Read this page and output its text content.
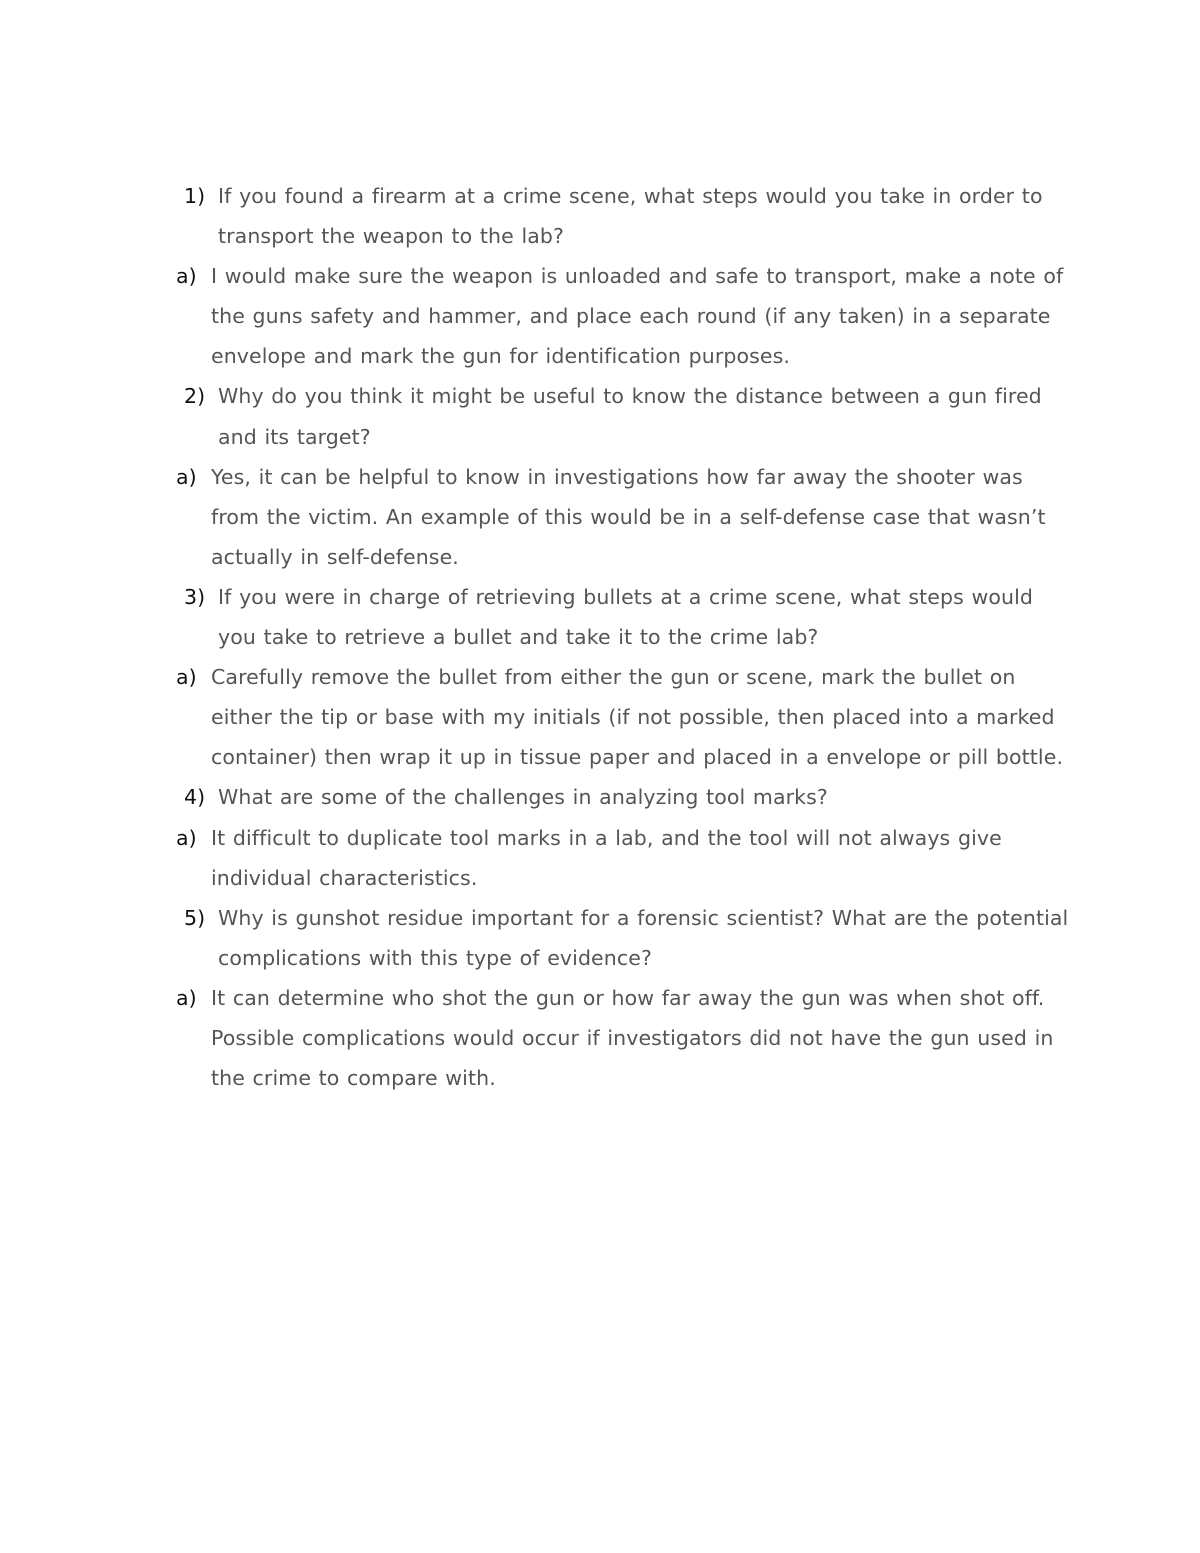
1) If you found a firearm at a crime scene, what steps would you take in order to transport the weapon to the lab?
a) I would make sure the weapon is unloaded and safe to transport, make a note of the guns safety and hammer, and place each round (if any taken) in a separate envelope and mark the gun for identification purposes.
2) Why do you think it might be useful to know the distance between a gun fired and its target?
a) Yes, it can be helpful to know in investigations how far away the shooter was from the victim. An example of this would be in a self-defense case that wasn’t actually in self-defense.
3) If you were in charge of retrieving bullets at a crime scene, what steps would you take to retrieve a bullet and take it to the crime lab?
a) Carefully remove the bullet from either the gun or scene, mark the bullet on either the tip or base with my initials (if not possible, then placed into a marked container) then wrap it up in tissue paper and placed in a envelope or pill bottle.
4) What are some of the challenges in analyzing tool marks?
a) It difficult to duplicate tool marks in a lab, and the tool will not always give individual characteristics.
5) Why is gunshot residue important for a forensic scientist? What are the potential complications with this type of evidence?
a) It can determine who shot the gun or how far away the gun was when shot off. Possible complications would occur if investigators did not have the gun used in the crime to compare with.
